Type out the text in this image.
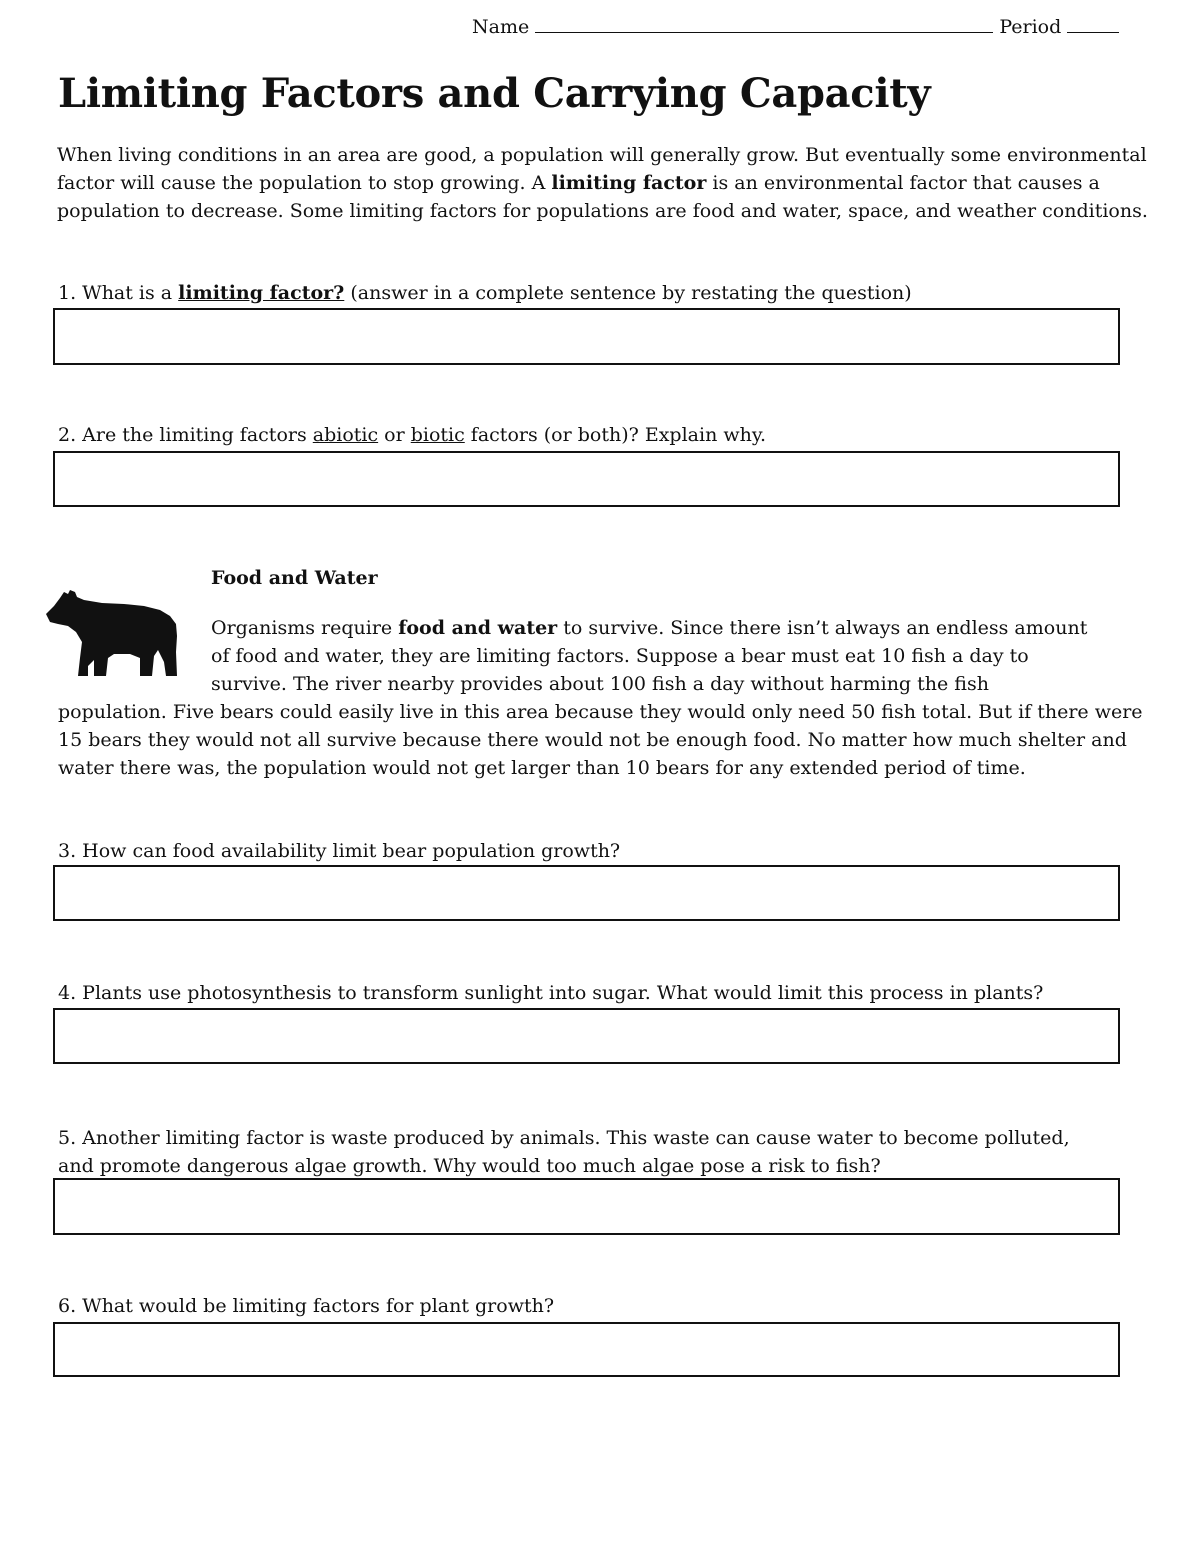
Name	Period
Limiting Factors and Carrying Capacity

When living conditions in an area are good, a population will generally grow. But eventually some environmental factor will cause the population to stop growing. A limiting factor is an environmental factor that causes a population to decrease. Some limiting factors for populations are food and water, space, and weather conditions.

1. What is a limiting factor? (answer in a complete sentence by restating the question)
2. Are the limiting factors abiotic or biotic factors (or both)? Explain why.
Food and Water

Organisms require food and water to survive. Since there isn’t always an endless amount
of food and water, they are limiting factors. Suppose a bear must eat 10 fish a day to
survive. The river nearby provides about 100 fish a day without harming the fish
population. Five bears could easily live in this area because they would only need 50 fish total. But if there were 15 bears they would not all survive because there would not be enough food. No matter how much shelter and water there was, the population would not get larger than 10 bears for any extended period of time.

3. How can food availability limit bear population growth?
4. Plants use photosynthesis to transform sunlight into sugar. What would limit this process in plants?
5. Another limiting factor is waste produced by animals. This waste can cause water to become polluted,
and promote dangerous algae growth. Why would too much algae pose a risk to fish?
6. What would be limiting factors for plant growth?
